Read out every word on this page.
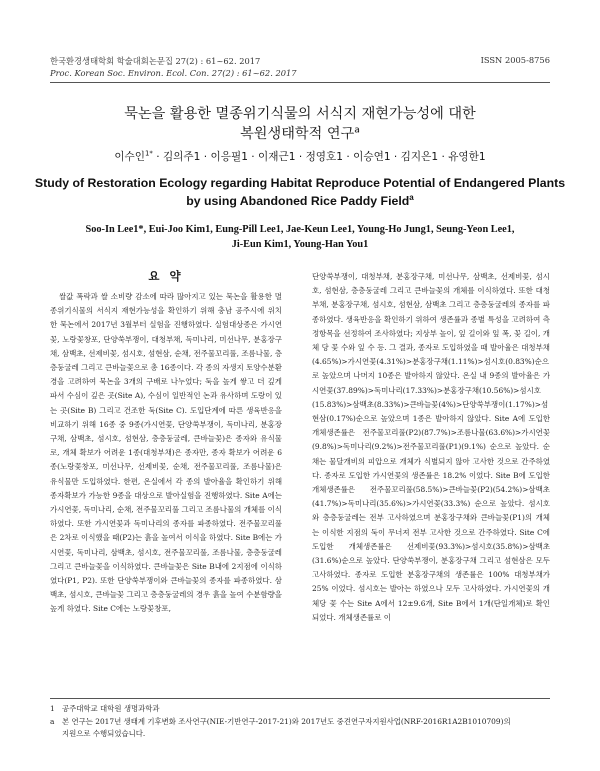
한국환경생태학회 학술대회논문집 27(2) : 61~62. 2017
Proc. Korean Soc. Environ. Ecol. Con. 27(2) : 61~62. 2017
ISSN 2005-8756
묵논을 활용한 멸종위기식물의 서식지 재현가능성에 대한
복원생태학적 연구$^a$
이수인$^{1*}$ · 김의주1 · 이응필1 · 이재근1 · 정영호1 · 이승연1 · 김지은1 · 유영한1
Study of Restoration Ecology regarding Habitat Reproduce Potential of Endangered Plants by using Abandoned Rice Paddy Field$^a$
Soo-In Lee1*, Eui-Joo Kim1, Eung-Pill Lee1, Jae-Keun Lee1, Young-Ho Jung1, Seung-Yeon Lee1,
Ji-Eun Kim1, Young-Han You1
요 약

쌀값 폭락과 쌀 소비량 감소에 따라 많아지고 있는 묵논을 활용한 멸종위기식물의 서식지 재현가능성을 확인하기 위해 충남 공주시에 위치한 묵논에서 2017년 3월부터 실험을 진행하였다. 실험대상종은 가시연꽃, 노랑꽃창포, 단양쑥부쟁이, 대청부채, 독미나리, 미선나무, 분홍장구채, 삼백초, 선제비꽃, 섬시호, 섬현삼, 순채, 전주물꼬리풀, 조름나물, 층층둥굴레 그리고 큰바늘꽃으로 총 16종이다. 각 종의 자생지 토양수분환경을 고려하여 묵논을 3개의 구배로 나누었다; 둑을 높게 쌓고 더 깊게 파서 수심이 깊은 곳(Site A), 수심이 일반적인 논과 유사하며 도랑이 있는 곳(Site B) 그리고 건조한 둑(Site C). 도입단계에 따른 생육반응을 비교하기 위해 16종 중 9종(가시연꽃, 단양쑥부쟁이, 독미나리, 분홍장구채, 삼백초, 섬시호, 섬현삼, 층층둥굴레, 큰바늘꽃)은 종자와 유식물로, 개체 확보가 어려운 1종(대청부채)은 종자만, 종자 확보가 어려운 6종(노랑꽃창포, 미선나무, 선제비꽃, 순채, 전주물꼬리풀, 조름나물)은 유식물만 도입하였다. 한편, 온실에서 각 종의 발아율을 확인하기 위해 종자확보가 가능한 9종을 대상으로 발아실험을 진행하였다. Site A에는 가시연꽃, 독미나리, 순채, 전주물꼬리풀 그리고 조름나물의 개체를 이식하였다. 또한 가시연꽃과 독미나리의 종자를 파종하였다. 전주물꼬리풀은 2차로 이식했을 때(P2)는 흙을 높여서 이식을 하였다. Site B에는 가시연꽃, 독미나리, 삼백초, 섬시호, 전주물꼬리풀, 조름나물, 층층둥굴레 그리고 큰바늘꽃을 이식하였다. 큰바늘꽃은 Site B내에 2지점에 이식하였다(P1, P2). 또한 단양쑥부쟁이와 큰바늘꽃의 종자를 파종하였다. 삼백초, 섬시호, 큰바늘꽃 그리고 층층둥굴레의 경우 흙을 높여 수분함량을 높게 하였다. Site C에는 노랑꽃창포,

단양쑥부쟁이, 대청부채, 분홍장구채, 미선나무, 삼백초, 선제비꽃, 섬시호, 섬현삼, 층층둥굴레 그리고 큰바늘꽃의 개체를 이식하였다. 또한 대청부채, 분홍장구채, 섬시호, 섬현삼, 삼백초 그리고 층층둥굴레의 종자를 파종하였다. 생육반응을 확인하기 위하여 생존률과 종별 특성을 고려하여 측정항목을 선정하여 조사하였다; 지상부 높이, 잎 길이와 잎 폭, 꽃 길이, 개체 당 꽃 수와 잎 수 등. 그 결과, 종자로 도입하였을 때 발아율은 대청부채(4.65%)>가시연꽃(4.31%)>분홍장구채(1.11%)>섬시호(0.83%)순으로 높았으며 나머지 10종은 발아하지 않았다. 온실 내 9종의 발아율은 가시연꽃(37.89%)>독미나리(17.33%)>분홍장구채(10.56%)>섬시호(15.83%)>삼백초(8.33%)>큰바늘꽃(4%)>단양쑥부쟁이(1.17%)>섬현삼(0.17%)순으로 높았으며 1종은 발아하지 않았다. Site A에 도입한 개체생존률은 전주물꼬리풀(P2)(87.7%)>조름나물(63.6%)>가시연꽃(9.8%)>독미나리(9.2%)>전주물꼬리풀(P1)(9.1%) 순으로 높았다. 순채는 물달개비의 피압으로 개체가 식별되지 않아 고사한 것으로 간주하였다. 종자로 도입한 가시연꽃의 생존률은 18.2% 이었다. Site B에 도입한 개체생존률은 전주물꼬리풀(58.5%)>큰바늘꽃(P2)(54.2%)>삼백초(41.7%)>독미나리(35.6%)>가시연꽃(33.3%) 순으로 높았다. 섬시호와 층층둥굴레는 전부 고사하였으며 분홍장구채와 큰바늘꽃(P1)의 개체는 이식한 지점의 둑이 무너져 전부 고사한 것으로 간주하였다. Site C에 도입한 개체생존률은 선제비꽃(93.3%)>섬시호(35.8%)>삼백초(31.6%)순으로 높았다. 단양쑥부쟁이, 분홍장구채 그리고 섬현삼은 모두 고사하였다. 종자로 도입한 분홍장구채의 생존률은 100% 대청부채가 25% 이었다. 섬시호는 발아는 하였으나 모두 고사하였다. 가시연꽃의 개체당 꽃 수는 Site A에서 12±9.6개, Site B에서 1개(단일개체)로 확인되었다. 개체생존률로 이

1 공주대학교 대학원 생명과학과
a 본 연구는 2017년 생태계 기후변화 조사연구(NIE-기반연구-2017-21)와 2017년도 중견연구자지원사업(NRF-2016R1A2B1010709)의
지원으로 수행되었습니다.
